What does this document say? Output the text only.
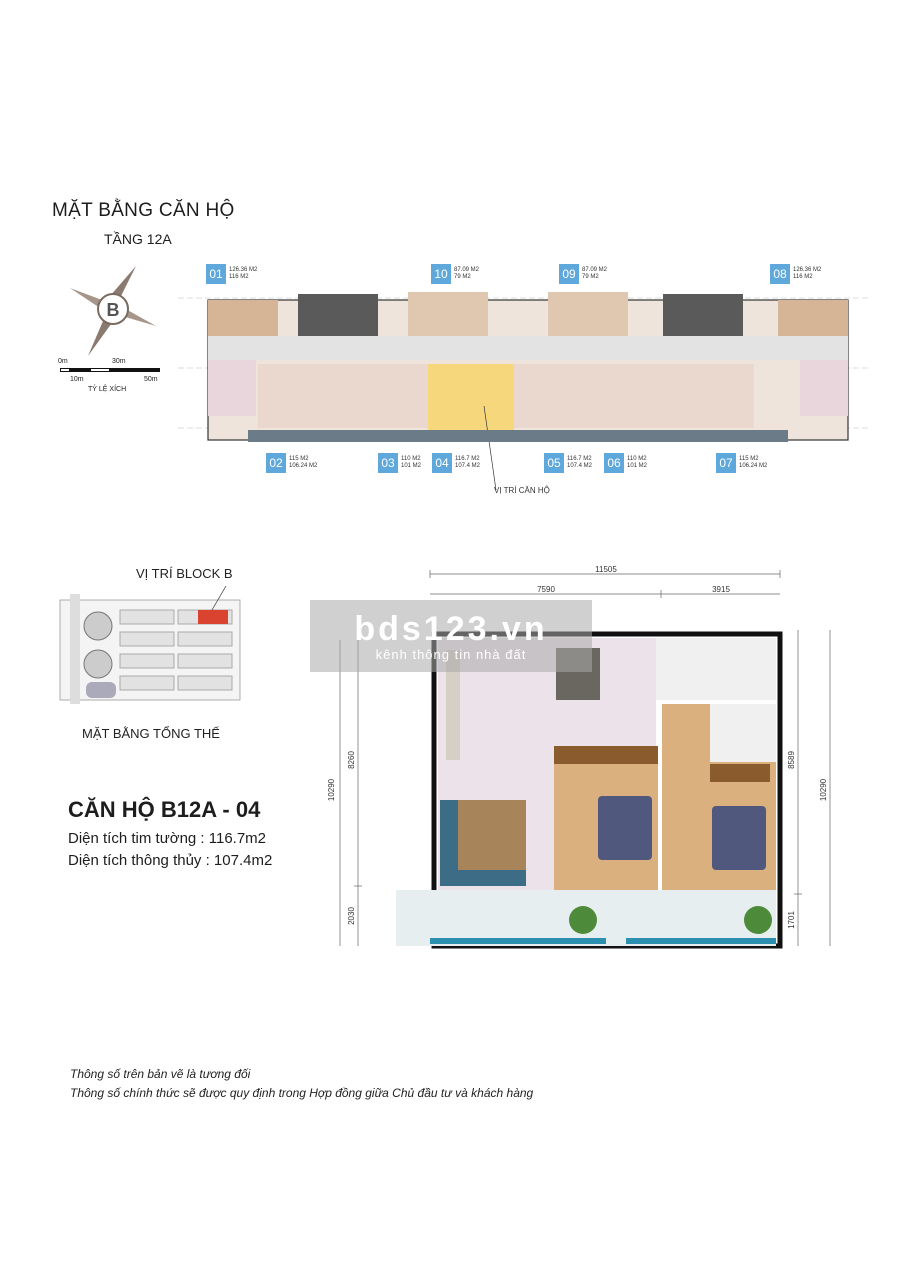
MẶT BẰNG CĂN HỘ
TẦNG 12A
B
0m	30m
10m	50m
TỶ LỆ XÍCH
01	126.36 M2
116 M2	10	87.09 M2
79 M2	09	87.09 M2
79 M2	08	126.36 M2
116 M2
02	115 M2
106.24 M2	03	110 M2
101 M2 04	116.7 M2
107.4 M2	05	116.7 M2
107.4 M2 06	110 M2
101 M2	07	115 M2
106.24 M2
VỊ TRÍ CĂN HỘ
VỊ TRÍ BLOCK B
MẶT BẰNG TỔNG THỂ
CĂN HỘ B12A - 04
Diện tích tim tường : 116.7m2
Diện tích thông thủy : 107.4m2
11505
7590	3915
10290
8260
2030
8589
1701
10290
bds123.vn
kênh thông tin nhà đất
Thông số trên bản vẽ là tương đối
Thông số chính thức sẽ được quy định trong Hợp đồng giữa Chủ đầu tư và khách hàng
